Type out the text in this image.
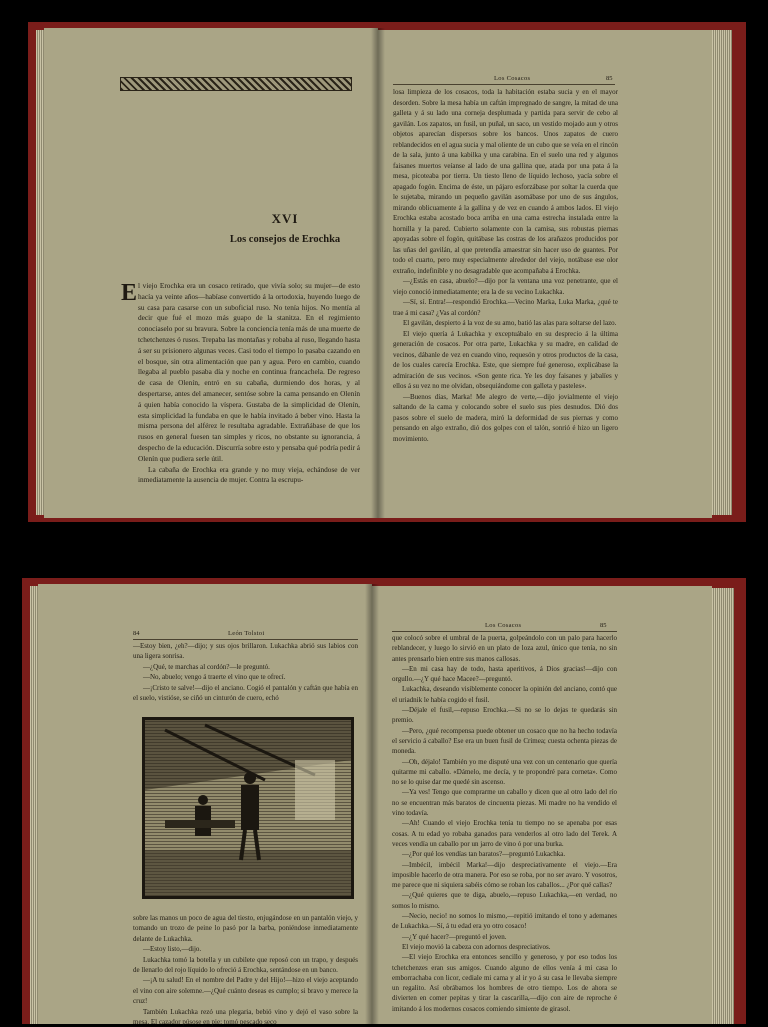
XVI
Los consejos de Erochka
E l viejo Erochka era un cosaco retirado, que vivía solo; su mujer—de esto hacía ya veinte años—habíase convertido á la ortodoxia, huyendo luego de su casa para casarse con un suboficial ruso. No tenía hijos. No mentía al decir que fué el mozo más guapo de la stanitza. En el regimiento conociaselo por su bravura. Sobre la conciencia tenía más de una muerte de tchetchenzes ó rusos. Trepaba las montañas y robaba al ruso, llegando hasta á ser su prisionero algunas veces. Casi todo el tiempo lo pasaba cazando en el bosque, sin otra alimentación que pan y agua. Pero en cambio, cuando llegaba al pueblo pasaba día y noche en continua francachela. De regreso de casa de Olenín, entró en su cabaña, durmiendo dos horas, y al despertarse, antes del amanecer, sentóse sobre la cama pensando en Olenín á quien había conocido la víspera. Gustaba de la simplicidad de Olenín, esta simplicidad la fundaba en que le había invitado á beber vino. Hasta la misma persona del alférez le resultaba agradable. Extrañábase de que los rusos en general fuesen tan simples y ricos, no obstante su ignorancia, á despecho de la educación. Discurría sobre esto y pensaba qué podría pedir á Olenín que pudiera serle útil.

La cabaña de Erochka era grande y no muy vieja, echándose de ver inmediatamente la ausencia de mujer. Contra la escrupu-

Los Cosacos	85

losa limpieza de los cosacos, toda la habitación estaba sucia y en el mayor desorden. Sobre la mesa había un caftán impregnado de sangre, la mitad de una galleta y á su lado una corneja desplumada y partida para servir de cebo al gavilán. Los zapatos, un fusil, un puñal, un saco, un vestido mojado aun y otros objetos aparecían dispersos sobre los bancos. Unos zapatos de cuero reblandecidos en el agua sucia y mal oliente de un cubo que se veía en el rincón de la sala, junto á una kabilka y una carabina. En el suelo una red y algunos faisanes muertos veíanse al lado de una gallina que, atada por una pata á la mesa, picoteaba por tierra. Un tiesto lleno de líquido lechoso, yacía sobre el apagado fogón. Encima de éste, un pájaro esforzábase por soltar la cuerda que le sujetaba, mirando un pequeño gavilán asomábase por uno de sus ángulos, mirando oblicuamente á la gallina y de vez en cuando á ambos lados. El viejo Erochka estaba acostado boca arriba en una cama estrecha instalada entre la hornilla y la pared. Cubierto solamente con la camisa, sus robustas piernas apoyadas sobre el fogón, quitábase las costras de los arañazos producidos por las uñas del gavilán, al que pretendía amaestrar sin hacer uso de guantes. Por todo el cuarto, pero muy especialmente alrededor del viejo, notábase ese olor extraño, indefinible y no desagradable que acompañaba á Erochka.

—¿Estás en casa, abuelo?—dijo por la ventana una voz penetrante, que el viejo conoció inmediatamente; era la de su vecino Lukachka.

—Sí, sí. Entra!—respondió Erochka.—Vecino Marka, Luka Marka, ¿qué te trae á mi casa? ¿Vas al cordón?

El gavilán, despierto á la voz de su amo, batió las alas para soltarse del lazo.

El viejo quería á Lukachka y exceptuábalo en su desprecio á la última generación de cosacos. Por otra parte, Lukachka y su madre, en calidad de vecinos, dábanle de vez en cuando vino, requesón y otros productos de la casa, de los cuales carecía Erochka. Este, que siempre fué generoso, explicábase la admiración de sus vecinos. «Son gente rica. Ye les doy faisanes y jabalíes y ellos á su vez no me olvidan, obsequiándome con galleta y pasteles».

—Buenos días, Marka! Me alegro de verte,—dijo jovialmente el viejo saltando de la cama y colocando sobre el suelo sus pies desnudos. Dió dos pasos sobre el suelo de madera, miró la deformidad de sus piernas y como pensando en algo extraño, dió dos golpes con el talón, sonrió é hizo un ligero movimiento.

84	León Tolstoi

—Estoy bien, ¿eh?—dijo; y sus ojos brillaron. Lukachka abrió sus labios con una ligera sonrisa.

—¿Qué, te marchas al cordón?—le preguntó.

—No, abuelo; vengo á traerte el vino que te ofrecí.

—¡Cristo te salve!—dijo el anciano. Cogió el pantalón y caftán que había en el suelo, vistióse, se ciñó un cinturón de cuero, echó

sobre las manos un poco de agua del tiesto, enjugándose en un pantalón viejo, y tomando un trozo de peine lo pasó por la barba, poniéndose inmediatamente delante de Lukachka.

—Estoy listo,—dijo.

Lukachka tomó la botella y un cubilete que reposó con un trapo, y después de llenarlo del rojo líquido lo ofreció á Erochka, sentándose en un banco.

—¡A tu salud! En el nombre del Padre y del Hijo!—hizo el viejo aceptando el vino con aire solemne.—¿Qué cuánto deseas es cumplo; si bravo y merece la cruz!

También Lukachka rezó una plegaria, bebió vino y dejó el vaso sobre la mesa. El cazador púsose en pie; tomó pescado seco

Los Cosacos	85

que colocó sobre el umbral de la puerta, golpeándolo con un palo para hacerlo reblandecer, y luego lo sirvió en un plato de loza azul, único que tenía, no sin antes prensarlo bien entre sus manos callosas.

—En mi casa hay de todo, hasta aperitivos, á Dios gracias!—dijo con orgullo.—¿Y qué hace Macee?—preguntó.

Lukachka, deseando visiblemente conocer la opinión del anciano, contó que el uriadnik le había cogido el fusil.

—Déjale el fusil,—repuso Erochka.—Si no se lo dejas te quedarás sin premio.

—Pero, ¿qué recompensa puede obtener un cosaco que no ha hecho todavía el servicio á caballo? Ese era un buen fusil de Crimea; cuesta ochenta piezas de moneda.

—Oh, déjalo! También yo me disputé una vez con un centenario que quería quitarme mi caballo. «Dámelo, me decía, y te propondré para corneta». Como no se lo quise dar me quedé sin ascenso.

—Ya ves! Tengo que comprarme un caballo y dicen que al otro lado del río no se encuentran más baratos de cincuenta piezas. Mi madre no ha vendido el vino todavía.

—Ah! Cuando el viejo Erochka tenía tu tiempo no se apenaba por esas cosas. A tu edad yo robaba ganados para venderlos al otro lado del Terek. A veces vendía un caballo por un jarro de vino ó por una burka.

—¿Por qué los vendías tan baratos?—preguntó Lukachka.

—Imbécil, imbécil Marka!—dijo despreciativamente el viejo.—Era imposible hacerlo de otra manera. Por eso se roba, por no ser avaro. Y vosotros, me parece que ni siquiera sabéis cómo se roban los caballos... ¿Por qué callas?

—¿Qué quieres que te diga, abuelo,—repuso Lukachka,—en verdad, no somos lo mismo.

—Necio, necio! no somos lo mismo,—repitió imitando el tono y ademanes de Lukachka.—Sí, á tu edad era yo otro cosaco!

—¿Y qué hacer?—preguntó el joven.

El viejo movió la cabeza con adornos despreciativos.

—El viejo Erochka era entonces sencillo y generoso, y por eso todos los tchetchenzes eran sus amigos. Cuando alguno de ellos venía á mi casa lo emborrachaba con licor, cediale mi cama y al ir yo á su casa le llevaba siempre un regalito. Así obrábamos los hombres de otro tiempo. Los de ahora se divierten en comer pepitas y tirar la cascarilla,—dijo con aire de reproche é imitando á los modernos cosacos comiendo simiente de girasol.
